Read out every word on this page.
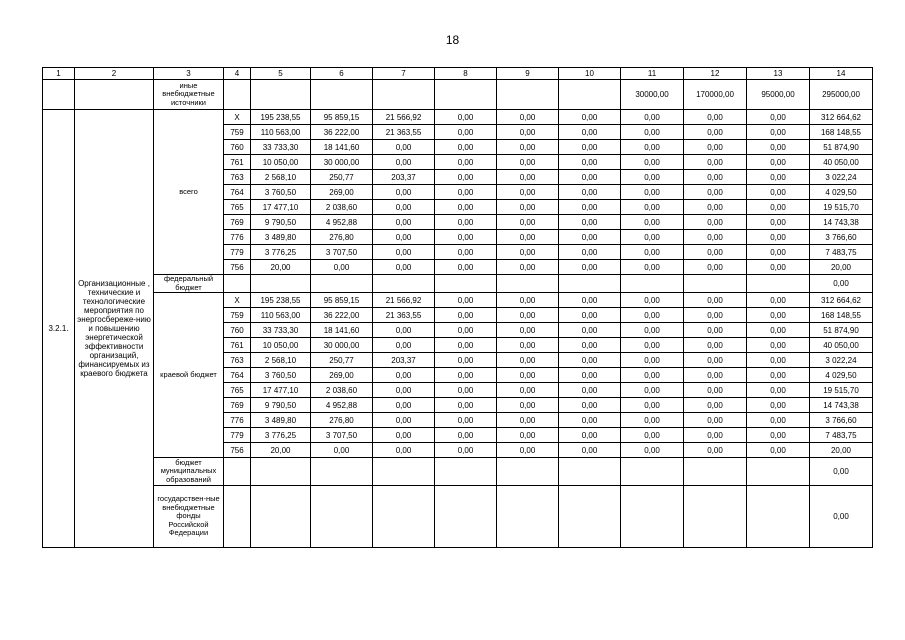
18
1	2	3	4	5	6	7	8	9	10	11	12	13	14
		иные внебюджетные источники								30000,00	170000,00	95000,00	295000,00
3.2.1.	Организационные , технические и технологические мероприятия по энергосбереже-нию и повышению энергетической эффективности организаций, финансируемых из краевого бюджета	всего	X	195 238,55	95 859,15	21 566,92	0,00	0,00	0,00	0,00	0,00	0,00	312 664,62
			759	110 563,00	36 222,00	21 363,55	0,00	0,00	0,00	0,00	0,00	0,00	168 148,55
			760	33 733,30	18 141,60	0,00	0,00	0,00	0,00	0,00	0,00	0,00	51 874,90
			761	10 050,00	30 000,00	0,00	0,00	0,00	0,00	0,00	0,00	0,00	40 050,00
			763	2 568,10	250,77	203,37	0,00	0,00	0,00	0,00	0,00	0,00	3 022,24
			764	3 760,50	269,00	0,00	0,00	0,00	0,00	0,00	0,00	0,00	4 029,50
			765	17 477,10	2 038,60	0,00	0,00	0,00	0,00	0,00	0,00	0,00	19 515,70
			769	9 790,50	4 952,88	0,00	0,00	0,00	0,00	0,00	0,00	0,00	14 743,38
			776	3 489,80	276,80	0,00	0,00	0,00	0,00	0,00	0,00	0,00	3 766,60
			779	3 776,25	3 707,50	0,00	0,00	0,00	0,00	0,00	0,00	0,00	7 483,75
			756	20,00	0,00	0,00	0,00	0,00	0,00	0,00	0,00	0,00	20,00
		федеральный бюджет											0,00
		краевой бюджет	X	195 238,55	95 859,15	21 566,92	0,00	0,00	0,00	0,00	0,00	0,00	312 664,62
			759	110 563,00	36 222,00	21 363,55	0,00	0,00	0,00	0,00	0,00	0,00	168 148,55
			760	33 733,30	18 141,60	0,00	0,00	0,00	0,00	0,00	0,00	0,00	51 874,90
			761	10 050,00	30 000,00	0,00	0,00	0,00	0,00	0,00	0,00	0,00	40 050,00
			763	2 568,10	250,77	203,37	0,00	0,00	0,00	0,00	0,00	0,00	3 022,24
			764	3 760,50	269,00	0,00	0,00	0,00	0,00	0,00	0,00	0,00	4 029,50
			765	17 477,10	2 038,60	0,00	0,00	0,00	0,00	0,00	0,00	0,00	19 515,70
			769	9 790,50	4 952,88	0,00	0,00	0,00	0,00	0,00	0,00	0,00	14 743,38
			776	3 489,80	276,80	0,00	0,00	0,00	0,00	0,00	0,00	0,00	3 766,60
			779	3 776,25	3 707,50	0,00	0,00	0,00	0,00	0,00	0,00	0,00	7 483,75
			756	20,00	0,00	0,00	0,00	0,00	0,00	0,00	0,00	0,00	20,00
		бюджет муниципальных образований											0,00
		государствен-ные внебюджетные фонды Российской Федерации											0,00
